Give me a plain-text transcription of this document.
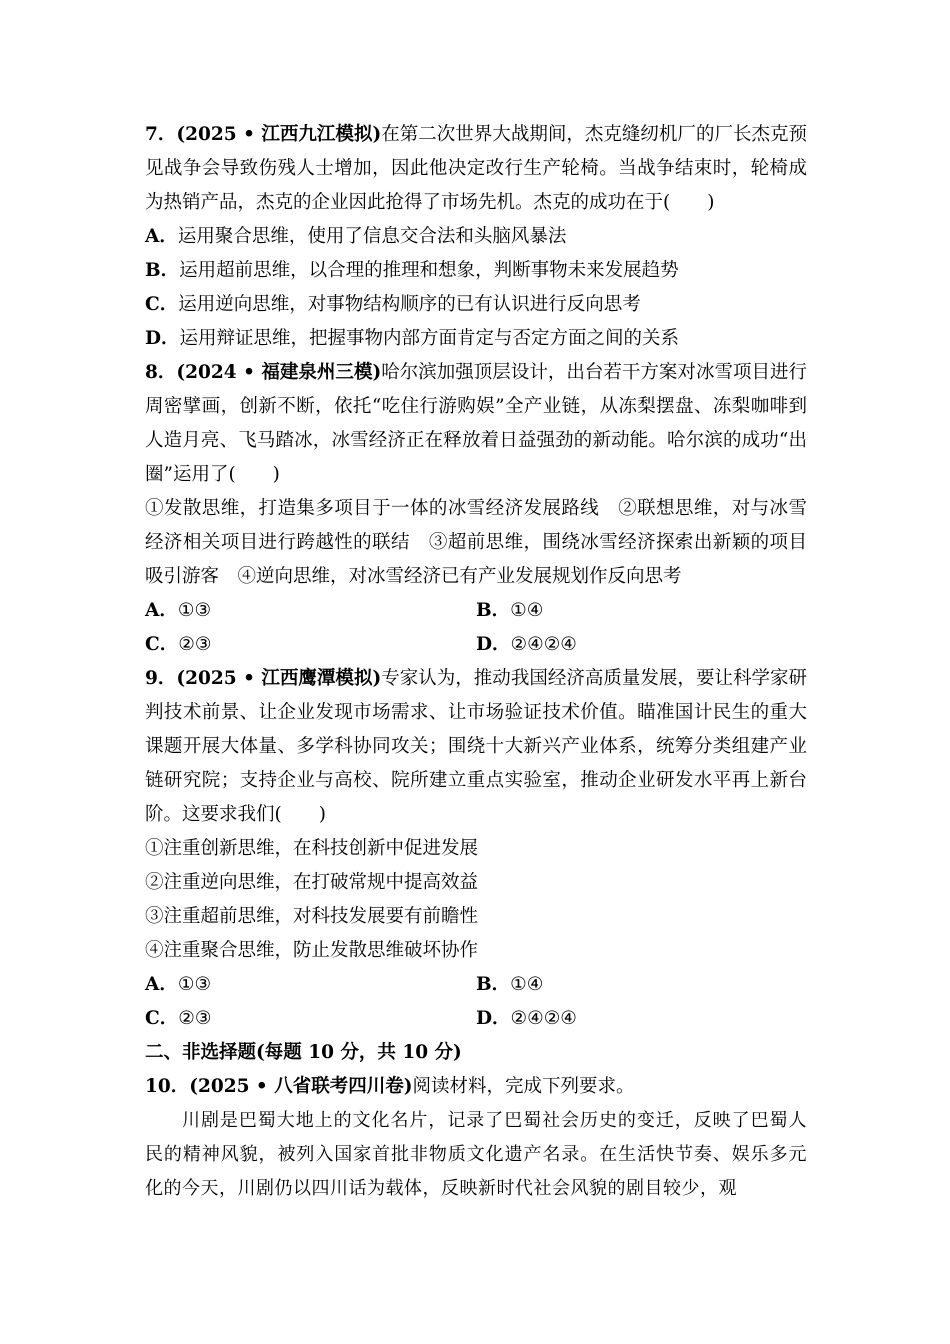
7．(2025 • 江西九江模拟)在第二次世界大战期间，杰克缝纫机厂的厂长杰克预见战争会导致伤残人士增加，因此他决定改行生产轮椅。当战争结束时，轮椅成为热销产品，杰克的企业因此抢得了市场先机。杰克的成功在于(　　)

A．运用聚合思维，使用了信息交合法和头脑风暴法

B．运用超前思维，以合理的推理和想象，判断事物未来发展趋势

C．运用逆向思维，对事物结构顺序的已有认识进行反向思考

D．运用辩证思维，把握事物内部方面肯定与否定方面之间的关系

8．(2024 • 福建泉州三模)哈尔滨加强顶层设计，出台若干方案对冰雪项目进行周密擘画，创新不断，依托“吃住行游购娱”全产业链，从冻梨摆盘、冻梨咖啡到人造月亮、飞马踏冰，冰雪经济正在释放着日益强劲的新动能。哈尔滨的成功“出圈”运用了(　　)

①发散思维，打造集多项目于一体的冰雪经济发展路线　②联想思维，对与冰雪经济相关项目进行跨越性的联结　③超前思维，围绕冰雪经济探索出新颖的项目吸引游客　④逆向思维，对冰雪经济已有产业发展规划作反向思考

A．①③	B．①④
C．②③	D．②④②④

9．(2025 • 江西鹰潭模拟)专家认为，推动我国经济高质量发展，要让科学家研判技术前景、让企业发现市场需求、让市场验证技术价值。瞄准国计民生的重大课题开展大体量、多学科协同攻关；围绕十大新兴产业体系，统筹分类组建产业链研究院；支持企业与高校、院所建立重点实验室，推动企业研发水平再上新台阶。这要求我们(　　)

①注重创新思维，在科技创新中促进发展

②注重逆向思维，在打破常规中提高效益

③注重超前思维，对科技发展要有前瞻性

④注重聚合思维，防止发散思维破坏协作

A．①③	B．①④
C．②③	D．②④②④

二、非选择题(每题 10 分，共 10 分)

10．(2025 • 八省联考四川卷)阅读材料，完成下列要求。

川剧是巴蜀大地上的文化名片，记录了巴蜀社会历史的变迁，反映了巴蜀人民的精神风貌，被列入国家首批非物质文化遗产名录。在生活快节奏、娱乐多元化的今天，川剧仍以四川话为载体，反映新时代社会风貌的剧目较少，观
